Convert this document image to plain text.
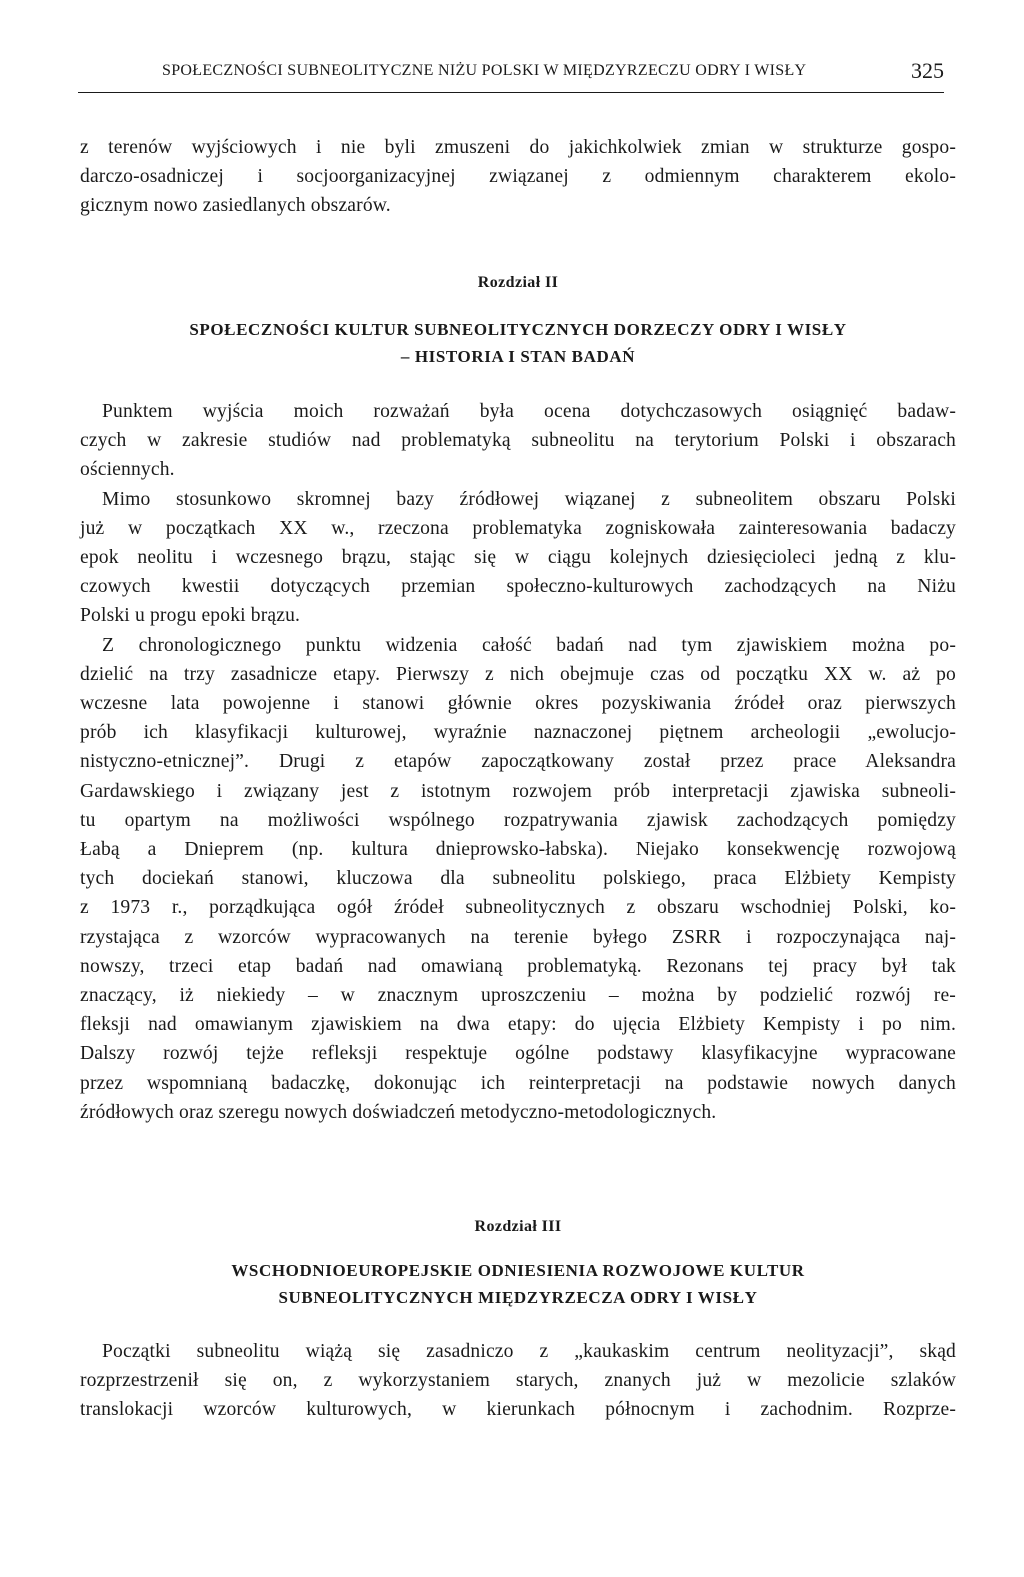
SPOŁECZNOŚCI SUBNEOLITYCZNE NIŻU POLSKI W MIĘDZYRZECZU ODRY I WISŁY	325
z terenów wyjściowych i nie byli zmuszeni do jakichkolwiek zmian w strukturze gospo-
darczo-osadniczej i socjoorganizacyjnej związanej z odmiennym charakterem ekolo-
gicznym nowo zasiedlanych obszarów.
Rozdział II
SPOŁECZNOŚCI KULTUR SUBNEOLITYCZNYCH DORZECZY ODRY I WISŁY
– HISTORIA I STAN BADAŃ

Punktem wyjścia moich rozważań była ocena dotychczasowych osiągnięć badaw-
czych w zakresie studiów nad problematyką subneolitu na terytorium Polski i obszarach
ościennych.

Mimo stosunkowo skromnej bazy źródłowej wiązanej z subneolitem obszaru Polski
już w początkach XX w., rzeczona problematyka zogniskowała zainteresowania badaczy
epok neolitu i wczesnego brązu, stając się w ciągu kolejnych dziesięcioleci jedną z klu-
czowych kwestii dotyczących przemian społeczno-kulturowych zachodzących na Niżu
Polski u progu epoki brązu.

Z chronologicznego punktu widzenia całość badań nad tym zjawiskiem można po-
dzielić na trzy zasadnicze etapy. Pierwszy z nich obejmuje czas od początku XX w. aż po
wczesne lata powojenne i stanowi głównie okres pozyskiwania źródeł oraz pierwszych
prób ich klasyfikacji kulturowej, wyraźnie naznaczonej piętnem archeologii „ewolucjo-
nistyczno-etnicznej”. Drugi z etapów zapoczątkowany został przez prace Aleksandra
Gardawskiego i związany jest z istotnym rozwojem prób interpretacji zjawiska subneoli-
tu opartym na możliwości wspólnego rozpatrywania zjawisk zachodzących pomiędzy
Łabą a Dnieprem (np. kultura dnieprowsko-łabska). Niejako konsekwencję rozwojową
tych dociekań stanowi, kluczowa dla subneolitu polskiego, praca Elżbiety Kempisty
z 1973 r., porządkująca ogół źródeł subneolitycznych z obszaru wschodniej Polski, ko-
rzystająca z wzorców wypracowanych na terenie byłego ZSRR i rozpoczynająca naj-
nowszy, trzeci etap badań nad omawianą problematyką. Rezonans tej pracy był tak
znaczący, iż niekiedy – w znacznym uproszczeniu – można by podzielić rozwój re-
fleksji nad omawianym zjawiskiem na dwa etapy: do ujęcia Elżbiety Kempisty i po nim.
Dalszy rozwój tejże refleksji respektuje ogólne podstawy klasyfikacyjne wypracowane
przez wspomnianą badaczkę, dokonując ich reinterpretacji na podstawie nowych danych
źródłowych oraz szeregu nowych doświadczeń metodyczno-metodologicznych.

Rozdział III
WSCHODNIOEUROPEJSKIE ODNIESIENIA ROZWOJOWE KULTUR
SUBNEOLITYCZNYCH MIĘDZYRZECZA ODRY I WISŁY

Początki subneolitu wiążą się zasadniczo z „kaukaskim centrum neolityzacji”, skąd
rozprzestrzenił się on, z wykorzystaniem starych, znanych już w mezolicie szlaków
translokacji wzorców kulturowych, w kierunkach północnym i zachodnim. Rozprze-
